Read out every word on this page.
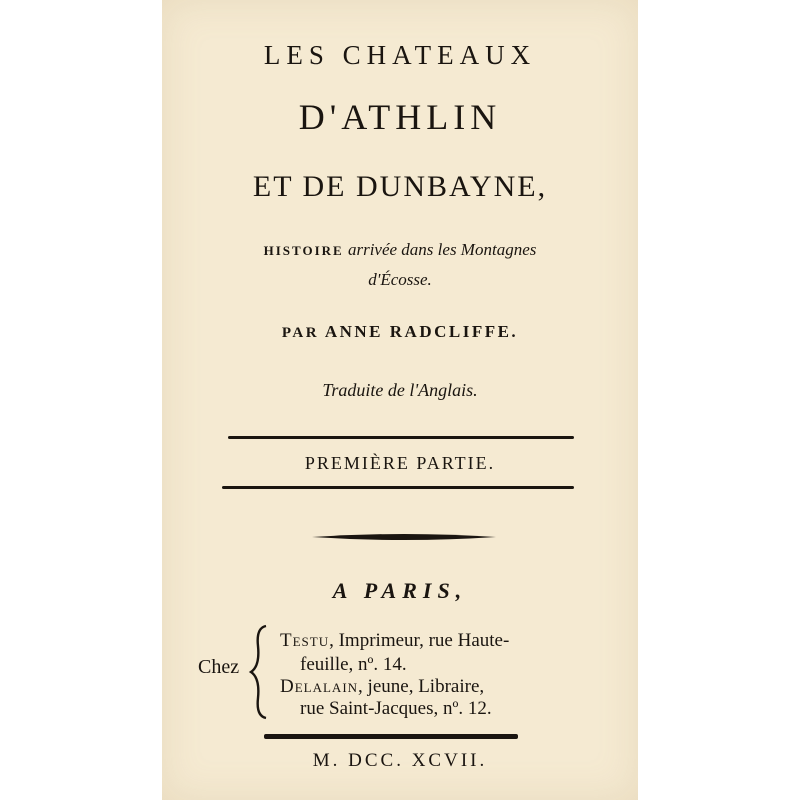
LES CHATEAUX
D'ATHLIN
ET DE DUNBAYNE,
HISTOIRE arrivée dans les Montagnes
d'Écosse.
PAR ANNE RADCLIFFE.
Traduite de l'Anglais.
PREMIÈRE PARTIE.
A PARIS,
Chez
Testu, Imprimeur, rue Haute-
feuille, nº. 14.
Delalain, jeune, Libraire,
rue Saint-Jacques, nº. 12.
M. DCC. XCVII.
